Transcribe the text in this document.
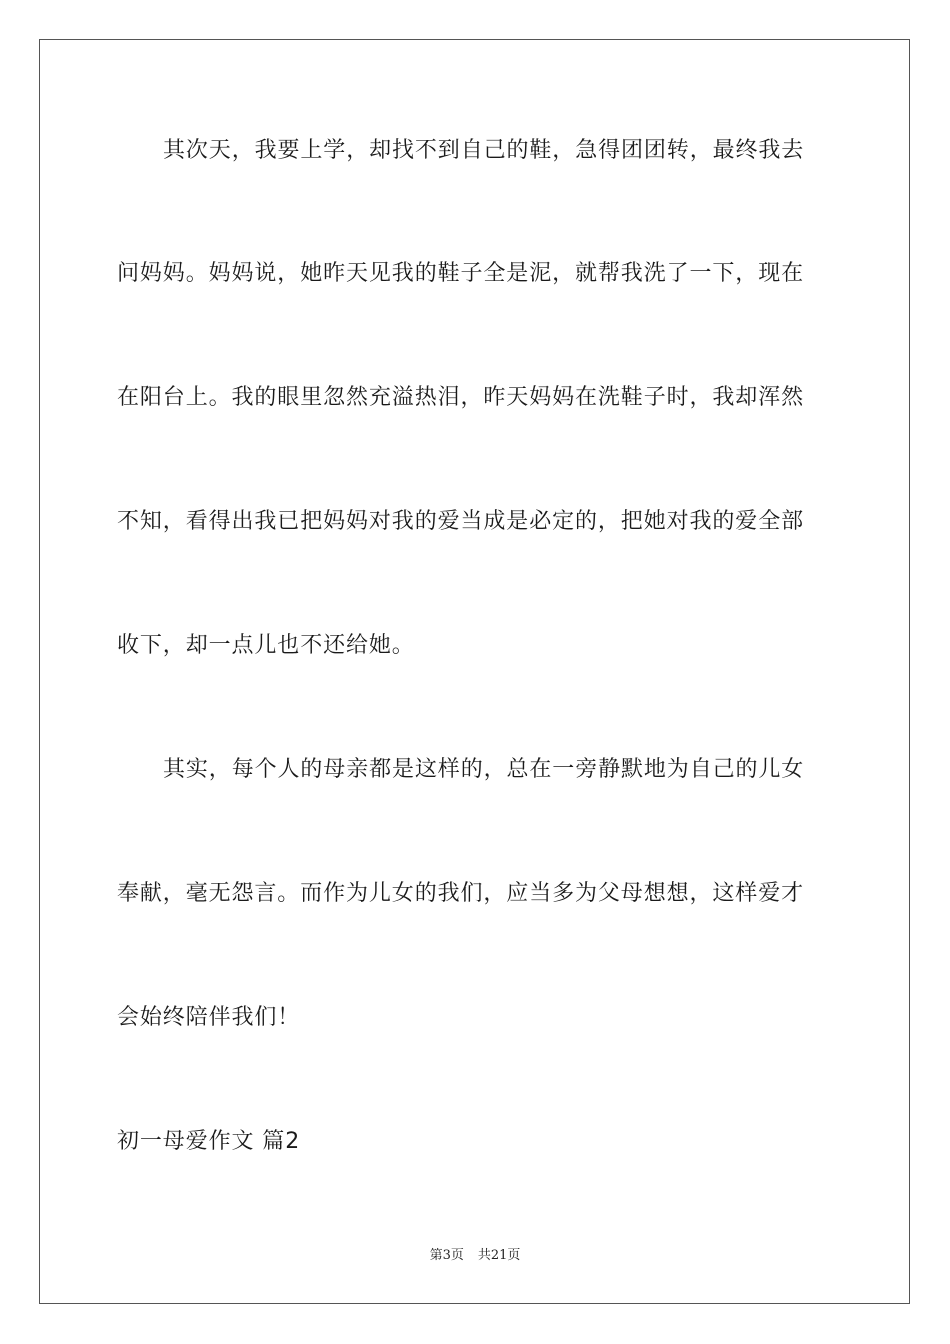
其次天，我要上学，却找不到自己的鞋，急得团团转，最终我去
问妈妈。妈妈说，她昨天见我的鞋子全是泥，就帮我洗了一下，现在
在阳台上。我的眼里忽然充溢热泪，昨天妈妈在洗鞋子时，我却浑然
不知，看得出我已把妈妈对我的爱当成是必定的，把她对我的爱全部
收下，却一点儿也不还给她。
其实，每个人的母亲都是这样的，总在一旁静默地为自己的儿女
奉献，毫无怨言。而作为儿女的我们，应当多为父母想想，这样爱才
会始终陪伴我们！
初一母爱作文 篇2
第3页 共21页
